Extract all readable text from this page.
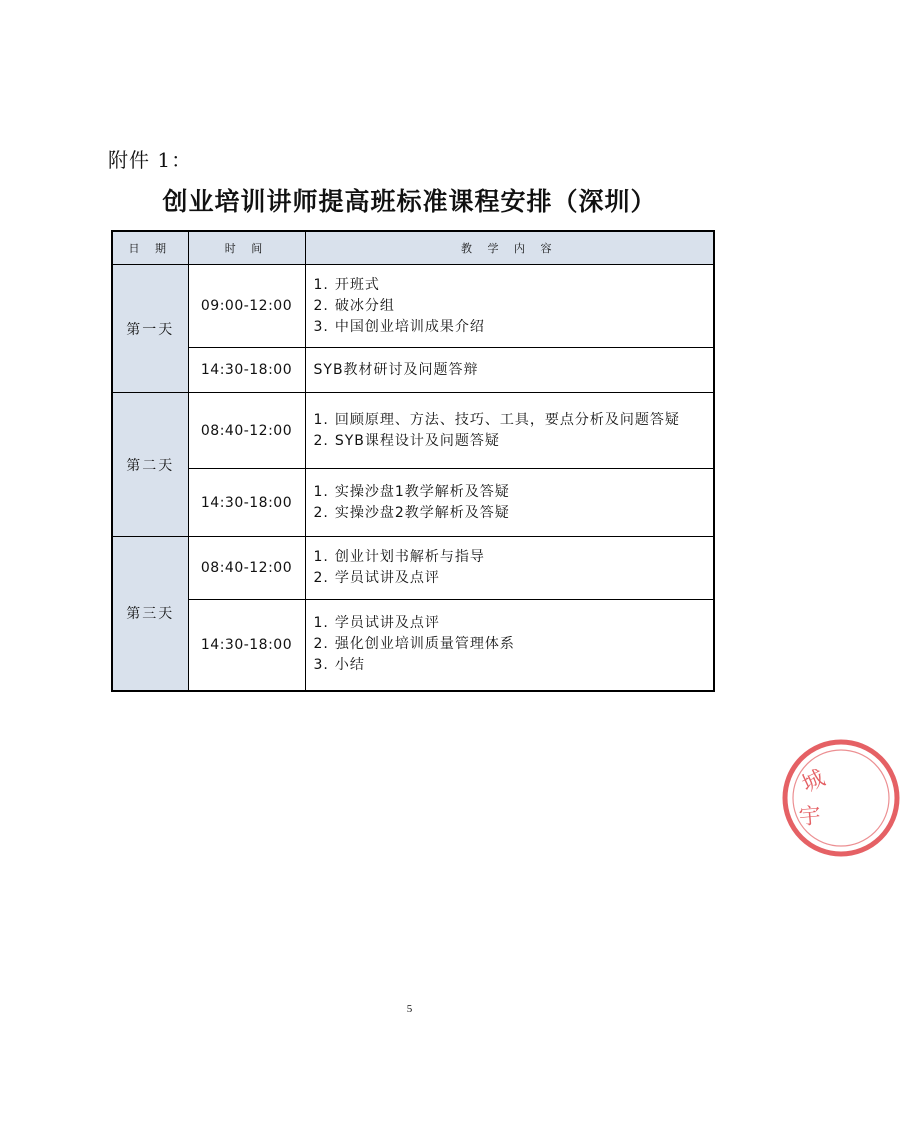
附件 1：
创业培训讲师提高班标准课程安排（深圳）
日 期	时 间	教 学 内 容
第一天	09:00-12:00	1. 开班式
2. 破冰分组
3. 中国创业培训成果介绍

	14:30-18:00	SYB教材研讨及问题答辩

第二天	08:40-12:00	1. 回顾原理、方法、技巧、工具，要点分析及问题答疑
2. SYB课程设计及问题答疑

	14:30-18:00	1. 实操沙盘1教学解析及答疑
2. 实操沙盘2教学解析及答疑

第三天	08:40-12:00	1. 创业计划书解析与指导
2. 学员试讲及点评

	14:30-18:00	1. 学员试讲及点评
2. 强化创业培训质量管理体系
3. 小结
城
宇
5
